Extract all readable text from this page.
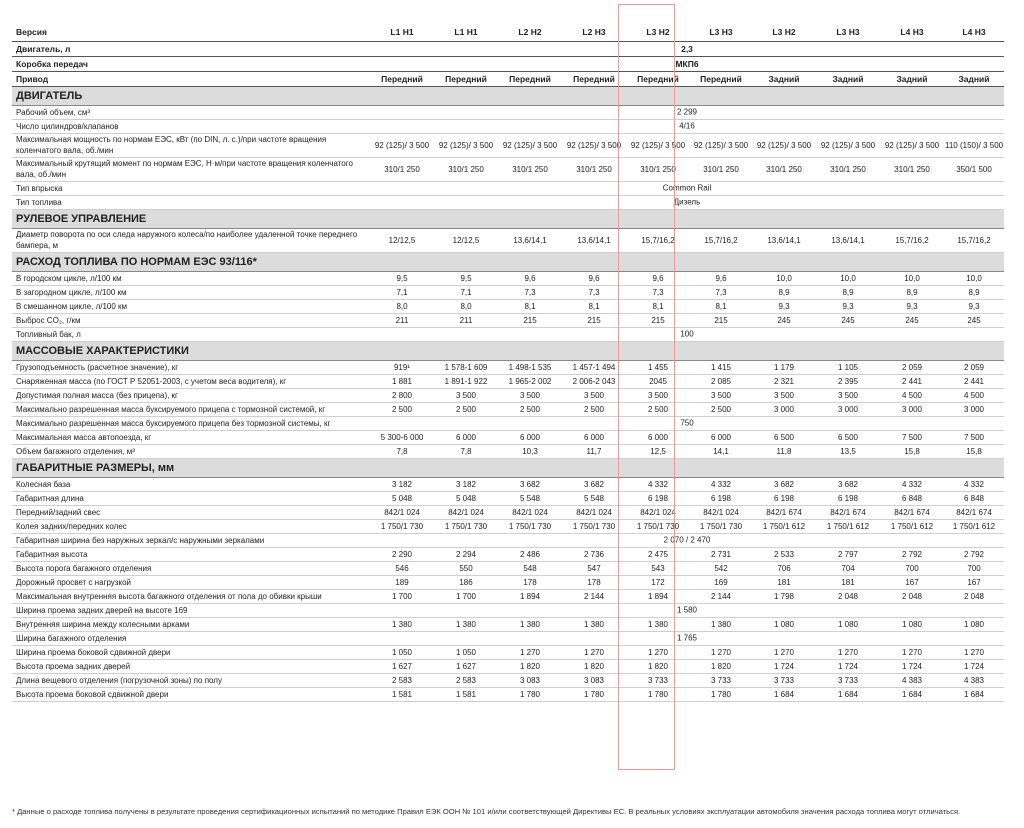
Версия	L1 H1	L1 H1	L2 H2	L2 H3	L3 H2	L3 H3	L3 H2	L3 H3	L4 H3	L4 H3
Двигатель, л	2,3									

Коробка передач	МКП6									

Привод	Передний	Передний	Передний	Передний	Передний	Передний	Задний	Задний	Задний	Задний
ДВИГАТЕЛЬ										
Рабочий объем, см³	2 299									

Число цилиндров/клапанов	4/16									

Максимальная мощность по нормам ЕЭС, кВт (по DIN, л. с.)/при частоте вращения коленчатого вала, об./мин	92 (125)/ 3 500	92 (125)/ 3 500	92 (125)/ 3 500	92 (125)/ 3 500	92 (125)/ 3 500	92 (125)/ 3 500	92 (125)/ 3 500	92 (125)/ 3 500	92 (125)/ 3 500	110 (150)/ 3 500
Максимальный крутящий момент по нормам ЕЭС, Н·м/при частоте вращения коленчатого вала, об./мин	310/1 250	310/1 250	310/1 250	310/1 250	310/1 250	310/1 250	310/1 250	310/1 250	310/1 250	350/1 500
Тип впрыска	Common Rail									

Тип топлива	Дизель									

РУЛЕВОЕ УПРАВЛЕНИЕ										
Диаметр поворота по оси следа наружного колеса/по наиболее удаленной точке переднего бампера, м	12/12,5	12/12,5	13,6/14,1	13,6/14,1	15,7/16,2	15,7/16,2	13,6/14,1	13,6/14,1	15,7/16,2	15,7/16,2
РАСХОД ТОПЛИВА ПО НОРМАМ ЕЭС 93/116*										
В городском цикле, л/100 км	9,5	9,5	9,6	9,6	9,6	9,6	10,0	10,0	10,0	10,0
В загородном цикле, л/100 км	7,1	7,1	7,3	7,3	7,3	7,3	8,9	8,9	8,9	8,9
В смешанном цикле, л/100 км	8,0	8,0	8,1	8,1	8,1	8,1	9,3	9,3	9,3	9,3
Выброс CO₂, г/км	211	211	215	215	215	215	245	245	245	245
Топливный бак, л	100									

МАССОВЫЕ ХАРАКТЕРИСТИКИ										
Грузоподъемность (расчетное значение), кг	919¹	1 578-1 609	1 498-1 535	1 457-1 494	1 455	1 415	1 179	1 105	2 059	2 059
Снаряженная масса (по ГОСТ Р 52051-2003, с учетом веса водителя), кг	1 881	1 891-1 922	1 965-2 002	2 006-2 043	2045	2 085	2 321	2 395	2 441	2 441
Допустимая полная масса (без прицепа), кг	2 800	3 500	3 500	3 500	3 500	3 500	3 500	3 500	4 500	4 500
Максимально разрешенная масса буксируемого прицепа с тормозной системой, кг	2 500	2 500	2 500	2 500	2 500	2 500	3 000	3 000	3 000	3 000
Максимально разрешенная масса буксируемого прицепа без тормозной системы, кг	750									

Максимальная масса автопоезда, кг	5 300-6 000	6 000	6 000	6 000	6 000	6 000	6 500	6 500	7 500	7 500
Объем багажного отделения, м³	7,8	7,8	10,3	11,7	12,5	14,1	11,8	13,5	15,8	15,8
ГАБАРИТНЫЕ РАЗМЕРЫ, мм										
Колесная база	3 182	3 182	3 682	3 682	4 332	4 332	3 682	3 682	4 332	4 332
Габаритная длина	5 048	5 048	5 548	5 548	6 198	6 198	6 198	6 198	6 848	6 848
Передний/задний свес	842/1 024	842/1 024	842/1 024	842/1 024	842/1 024	842/1 024	842/1 674	842/1 674	842/1 674	842/1 674
Колея задних/передних колес	1 750/1 730	1 750/1 730	1 750/1 730	1 750/1 730	1 750/1 730	1 750/1 730	1 750/1 612	1 750/1 612	1 750/1 612	1 750/1 612
Габаритная ширина без наружных зеркал/с наружными зеркалами	2 070 / 2 470									

Габаритная высота	2 290	2 294	2 486	2 736	2 475	2 731	2 533	2 797	2 792	2 792
Высота порога багажного отделения	546	550	548	547	543	542	706	704	700	700
Дорожный просвет с нагрузкой	189	186	178	178	172	169	181	181	167	167
Максимальная внутренняя высота багажного отделения от пола до обивки крыши	1 700	1 700	1 894	2 144	1 894	2 144	1 798	2 048	2 048	2 048
Ширина проема задних дверей на высоте 169	1 580									

Внутренняя ширина между колесными арками	1 380	1 380	1 380	1 380	1 380	1 380	1 080	1 080	1 080	1 080
Ширина багажного отделения	1 765									

Ширина проема боковой сдвижной двери	1 050	1 050	1 270	1 270	1 270	1 270	1 270	1 270	1 270	1 270
Высота проема задних дверей	1 627	1 627	1 820	1 820	1 820	1 820	1 724	1 724	1 724	1 724
Длина вещевого отделения (погрузочной зоны) по полу	2 583	2 583	3 083	3 083	3 733	3 733	3 733	3 733	4 383	4 383
Высота проема боковой сдвижной двери	1 581	1 581	1 780	1 780	1 780	1 780	1 684	1 684	1 684	1 684

* Данные о расходе топлива получены в результате проведения сертификационных испытаний по методике Правил ЕЭК ООН № 101 и/или соответствующей Директивы ЕС. В реальных условиях эксплуатации автомобиля значения расхода топлива могут отличаться.
